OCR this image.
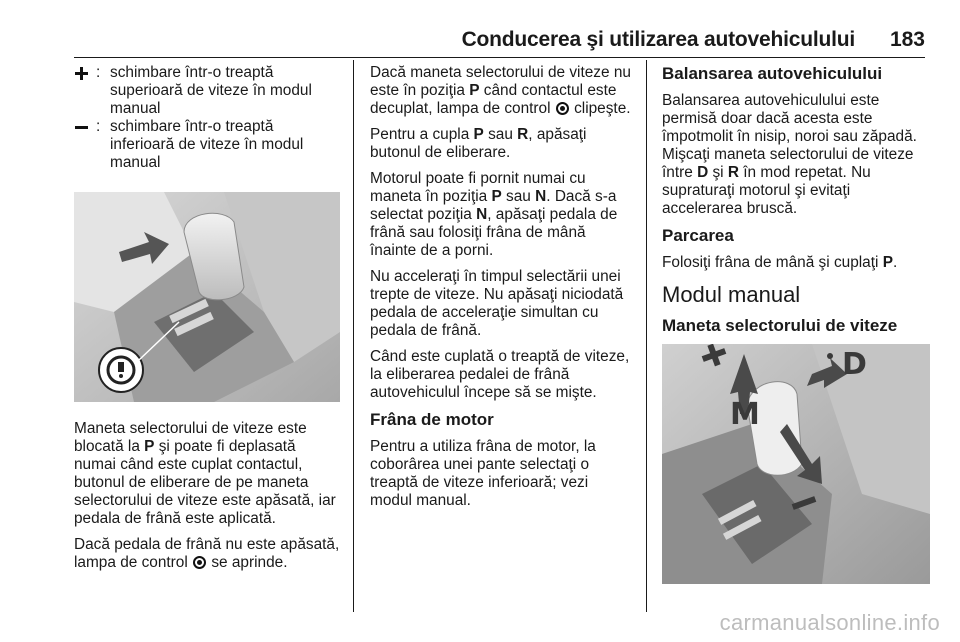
Conducerea şi utilizarea autovehiculului 183
: schimbare într-o treaptă superioară de viteze în modul manual
: schimbare într-o treaptă inferioară de viteze în modul manual

Maneta selectorului de viteze este blocată la P şi poate fi deplasată numai când este cuplat contactul, butonul de eliberare de pe maneta selectorului de viteze este apăsată, iar pedala de frână este aplicată.

Dacă pedala de frână nu este apăsată, lampa de control  se aprinde.

Dacă maneta selectorului de viteze nu este în poziţia P când contactul este decuplat, lampa de control  clipeşte.

Pentru a cupla P sau R, apăsaţi butonul de eliberare.

Motorul poate fi pornit numai cu maneta în poziţia P sau N. Dacă s-a selectat poziţia N, apăsaţi pedala de frână sau folosiţi frâna de mână înainte de a porni.

Nu acceleraţi în timpul selectării unei trepte de viteze. Nu apăsaţi niciodată pedala de acceleraţie simultan cu pedala de frână.

Când este cuplată o treaptă de viteze, la eliberarea pedalei de frână autovehiculul începe să se mişte.

Frâna de motor

Pentru a utiliza frâna de motor, la coborârea unei pante selectaţi o treaptă de viteze inferioară; vezi modul manual.

Balansarea autovehiculului

Balansarea autovehiculului este permisă doar dacă acesta este împotmolit în nisip, noroi sau zăpadă. Mişcaţi maneta selectorului de viteze între D şi R în mod repetat. Nu supraturaţi motorul şi evitaţi accelerarea bruscă.

Parcarea

Folosiţi frâna de mână şi cuplaţi P.

Modul manual
Maneta selectorului de viteze
D
M
carmanualsonline.info
